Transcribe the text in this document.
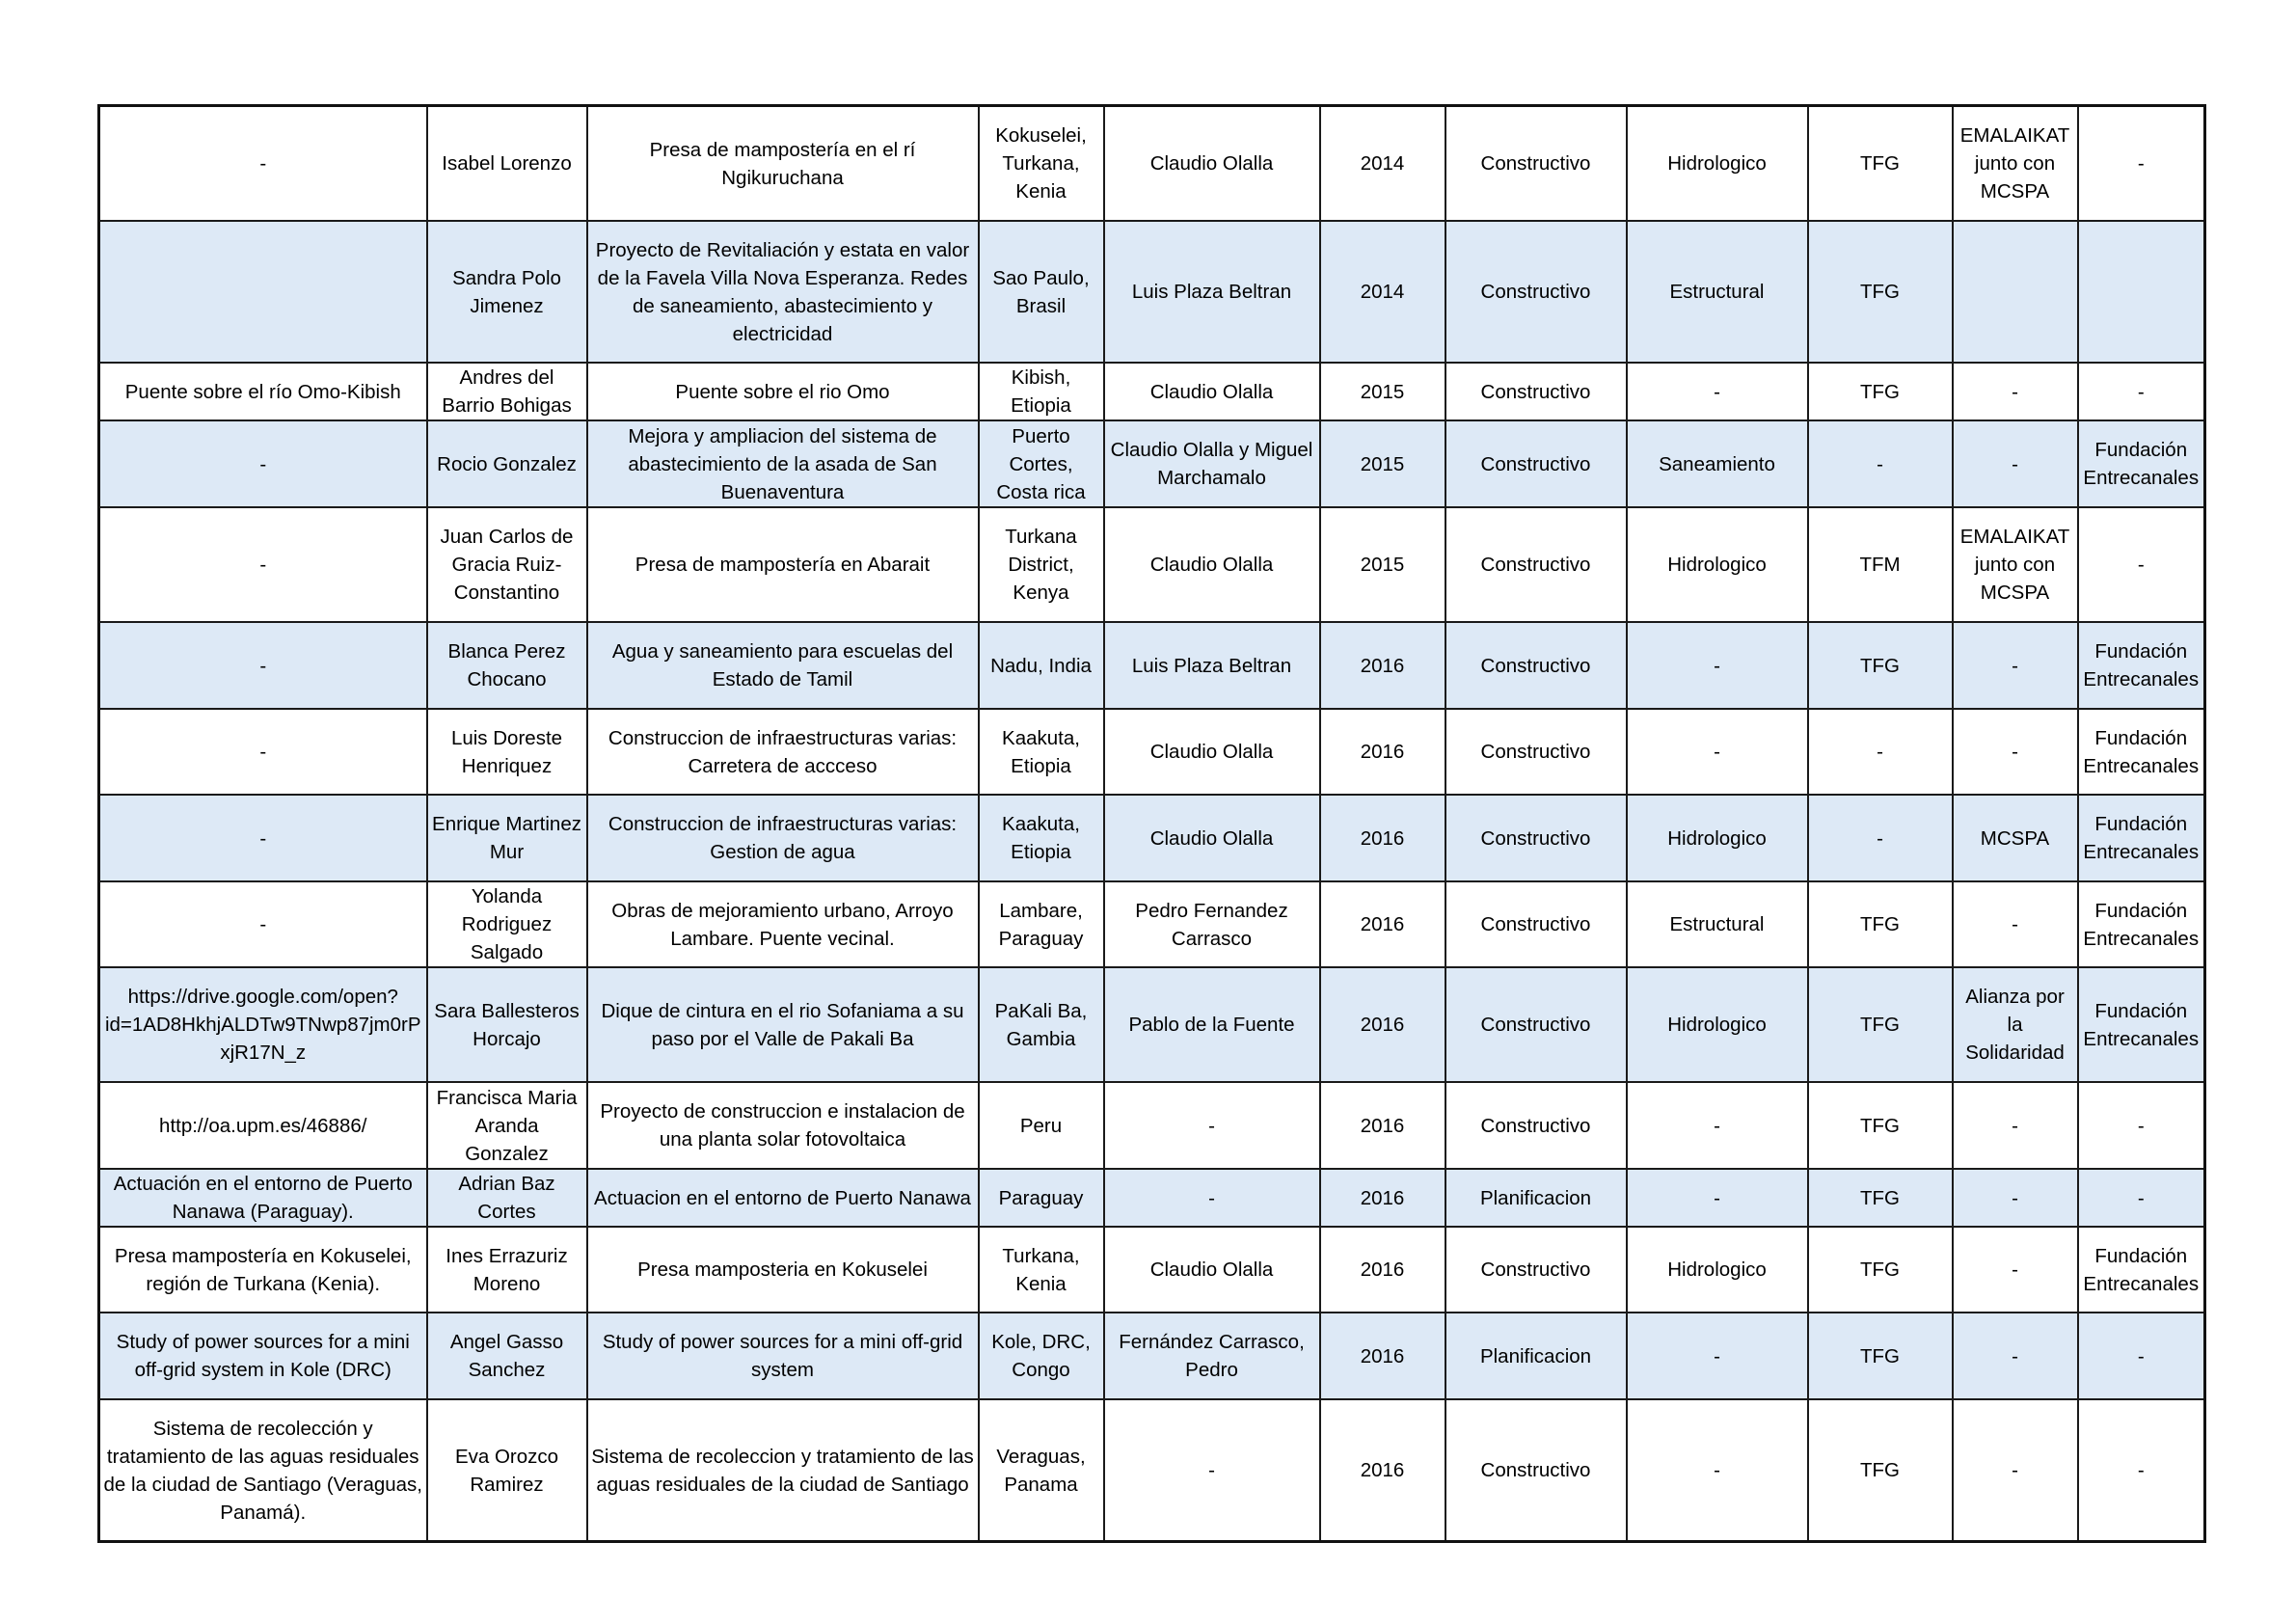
-	Isabel Lorenzo	Presa de mampostería en el rí Ngikuruchana	Kokuselei, Turkana, Kenia	Claudio Olalla	2014	Constructivo	Hidrologico	TFG	EMALAIKAT junto con MCSPA	-
	Sandra Polo Jimenez	Proyecto de Revitaliación y estata en valor de la Favela Villa Nova Esperanza. Redes de saneamiento, abastecimiento y electricidad	Sao Paulo, Brasil	Luis Plaza Beltran	2014	Constructivo	Estructural	TFG		
Puente sobre el río Omo-Kibish	Andres del Barrio Bohigas	Puente sobre el rio Omo	Kibish, Etiopia	Claudio Olalla	2015	Constructivo	-	TFG	-	-
-	Rocio Gonzalez	Mejora y ampliacion del sistema de abastecimiento de la asada de San Buenaventura	Puerto Cortes, Costa rica	Claudio Olalla y Miguel Marchamalo	2015	Constructivo	Saneamiento	-	-	Fundación Entrecanales
-	Juan Carlos de Gracia Ruiz-Constantino	Presa de mampostería en Abarait	Turkana District, Kenya	Claudio Olalla	2015	Constructivo	Hidrologico	TFM	EMALAIKAT junto con MCSPA	-
-	Blanca Perez Chocano	Agua y saneamiento para escuelas del Estado de Tamil	Nadu, India	Luis Plaza Beltran	2016	Constructivo	-	TFG	-	Fundación Entrecanales
-	Luis Doreste Henriquez	Construccion de infraestructuras varias: Carretera de accceso	Kaakuta, Etiopia	Claudio Olalla	2016	Constructivo	-	-	-	Fundación Entrecanales
-	Enrique Martinez Mur	Construccion de infraestructuras varias: Gestion de agua	Kaakuta, Etiopia	Claudio Olalla	2016	Constructivo	Hidrologico	-	MCSPA	Fundación Entrecanales
-	Yolanda Rodriguez Salgado	Obras de mejoramiento urbano, Arroyo Lambare. Puente vecinal.	Lambare, Paraguay	Pedro Fernandez Carrasco	2016	Constructivo	Estructural	TFG	-	Fundación Entrecanales
https://drive.google.com/open?id=1AD8HkhjALDTw9TNwp87jm0rPxjR17N_z	Sara Ballesteros Horcajo	Dique de cintura en el rio Sofaniama a su paso por el Valle de Pakali Ba	PaKali Ba, Gambia	Pablo de la Fuente	2016	Constructivo	Hidrologico	TFG	Alianza por la Solidaridad	Fundación Entrecanales
http://oa.upm.es/46886/	Francisca Maria Aranda Gonzalez	Proyecto de construccion e instalacion de una planta solar fotovoltaica	Peru	-	2016	Constructivo	-	TFG	-	-
Actuación en el entorno de Puerto Nanawa (Paraguay).	Adrian Baz Cortes	Actuacion en el entorno de Puerto Nanawa	Paraguay	-	2016	Planificacion	-	TFG	-	-
Presa mampostería en Kokuselei, región de Turkana (Kenia).	Ines Errazuriz Moreno	Presa mamposteria en Kokuselei	Turkana, Kenia	Claudio Olalla	2016	Constructivo	Hidrologico	TFG	-	Fundación Entrecanales
Study of power sources for a mini off-grid system in Kole (DRC)	Angel Gasso Sanchez	Study of power sources for a mini off-grid system	Kole, DRC, Congo	Fernández Carrasco, Pedro	2016	Planificacion	-	TFG	-	-
Sistema de recolección y tratamiento de las aguas residuales de la ciudad de Santiago (Veraguas, Panamá).	Eva Orozco Ramirez	Sistema de recoleccion y tratamiento de las aguas residuales de la ciudad de Santiago	Veraguas, Panama	-	2016	Constructivo	-	TFG	-	-
